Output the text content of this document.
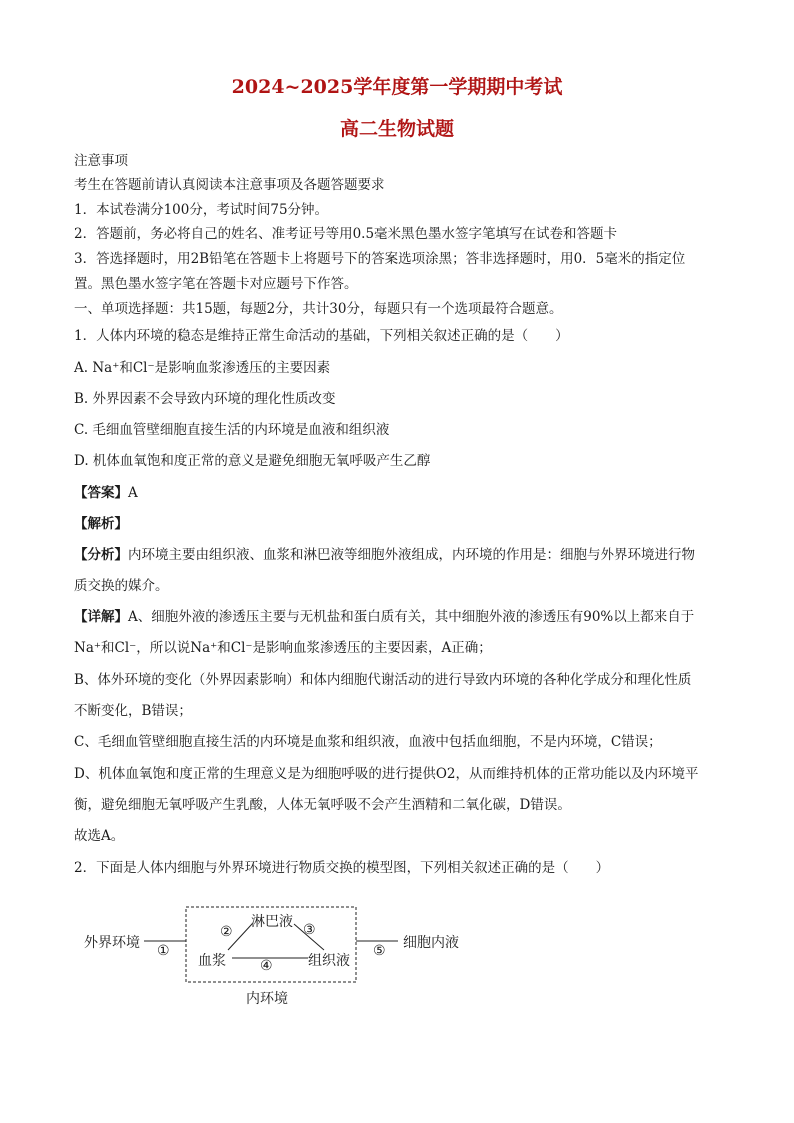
2024~2025学年度第一学期期中考试
高二生物试题
注意事项
考生在答题前请认真阅读本注意事项及各题答题要求
1．本试卷满分100分，考试时间75分钟。
2．答题前，务必将自己的姓名、准考证号等用0.5毫米黑色墨水签字笔填写在试卷和答题卡
3．答选择题时，用2B铅笔在答题卡上将题号下的答案选项涂黑；答非选择题时，用0．5毫米的指定位
置。黑色墨水签字笔在答题卡对应题号下作答。
一、单项选择题：共15题，每题2分，共计30分，每题只有一个选项最符合题意。
1．人体内环境的稳态是维持正常生命活动的基础，下列相关叙述正确的是（　　）
A. Na⁺和Cl⁻是影响血浆渗透压的主要因素
B. 外界因素不会导致内环境的理化性质改变
C. 毛细血管壁细胞直接生活的内环境是血液和组织液
D. 机体血氧饱和度正常的意义是避免细胞无氧呼吸产生乙醇
【答案】A
【解析】
【分析】内环境主要由组织液、血浆和淋巴液等细胞外液组成，内环境的作用是：细胞与外界环境进行物
质交换的媒介。
【详解】A、细胞外液的渗透压主要与无机盐和蛋白质有关，其中细胞外液的渗透压有90%以上都来自于
Na⁺和Cl⁻，所以说Na⁺和Cl⁻是影响血浆渗透压的主要因素，A正确；
B、体外环境的变化（外界因素影响）和体内细胞代谢活动的进行导致内环境的各种化学成分和理化性质
不断变化，B错误；
C、毛细血管壁细胞直接生活的内环境是血浆和组织液，血液中包括血细胞，不是内环境，C错误；
D、机体血氧饱和度正常的生理意义是为细胞呼吸的进行提供O2，从而维持机体的正常功能以及内环境平
衡，避免细胞无氧呼吸产生乳酸，人体无氧呼吸不会产生酒精和二氧化碳，D错误。
故选A。
2．下面是人体内细胞与外界环境进行物质交换的模型图，下列相关叙述正确的是（　　）
外界环境 ①
②
淋巴液 ③
血浆 ④	组织液
⑤ 细胞内液
内环境
